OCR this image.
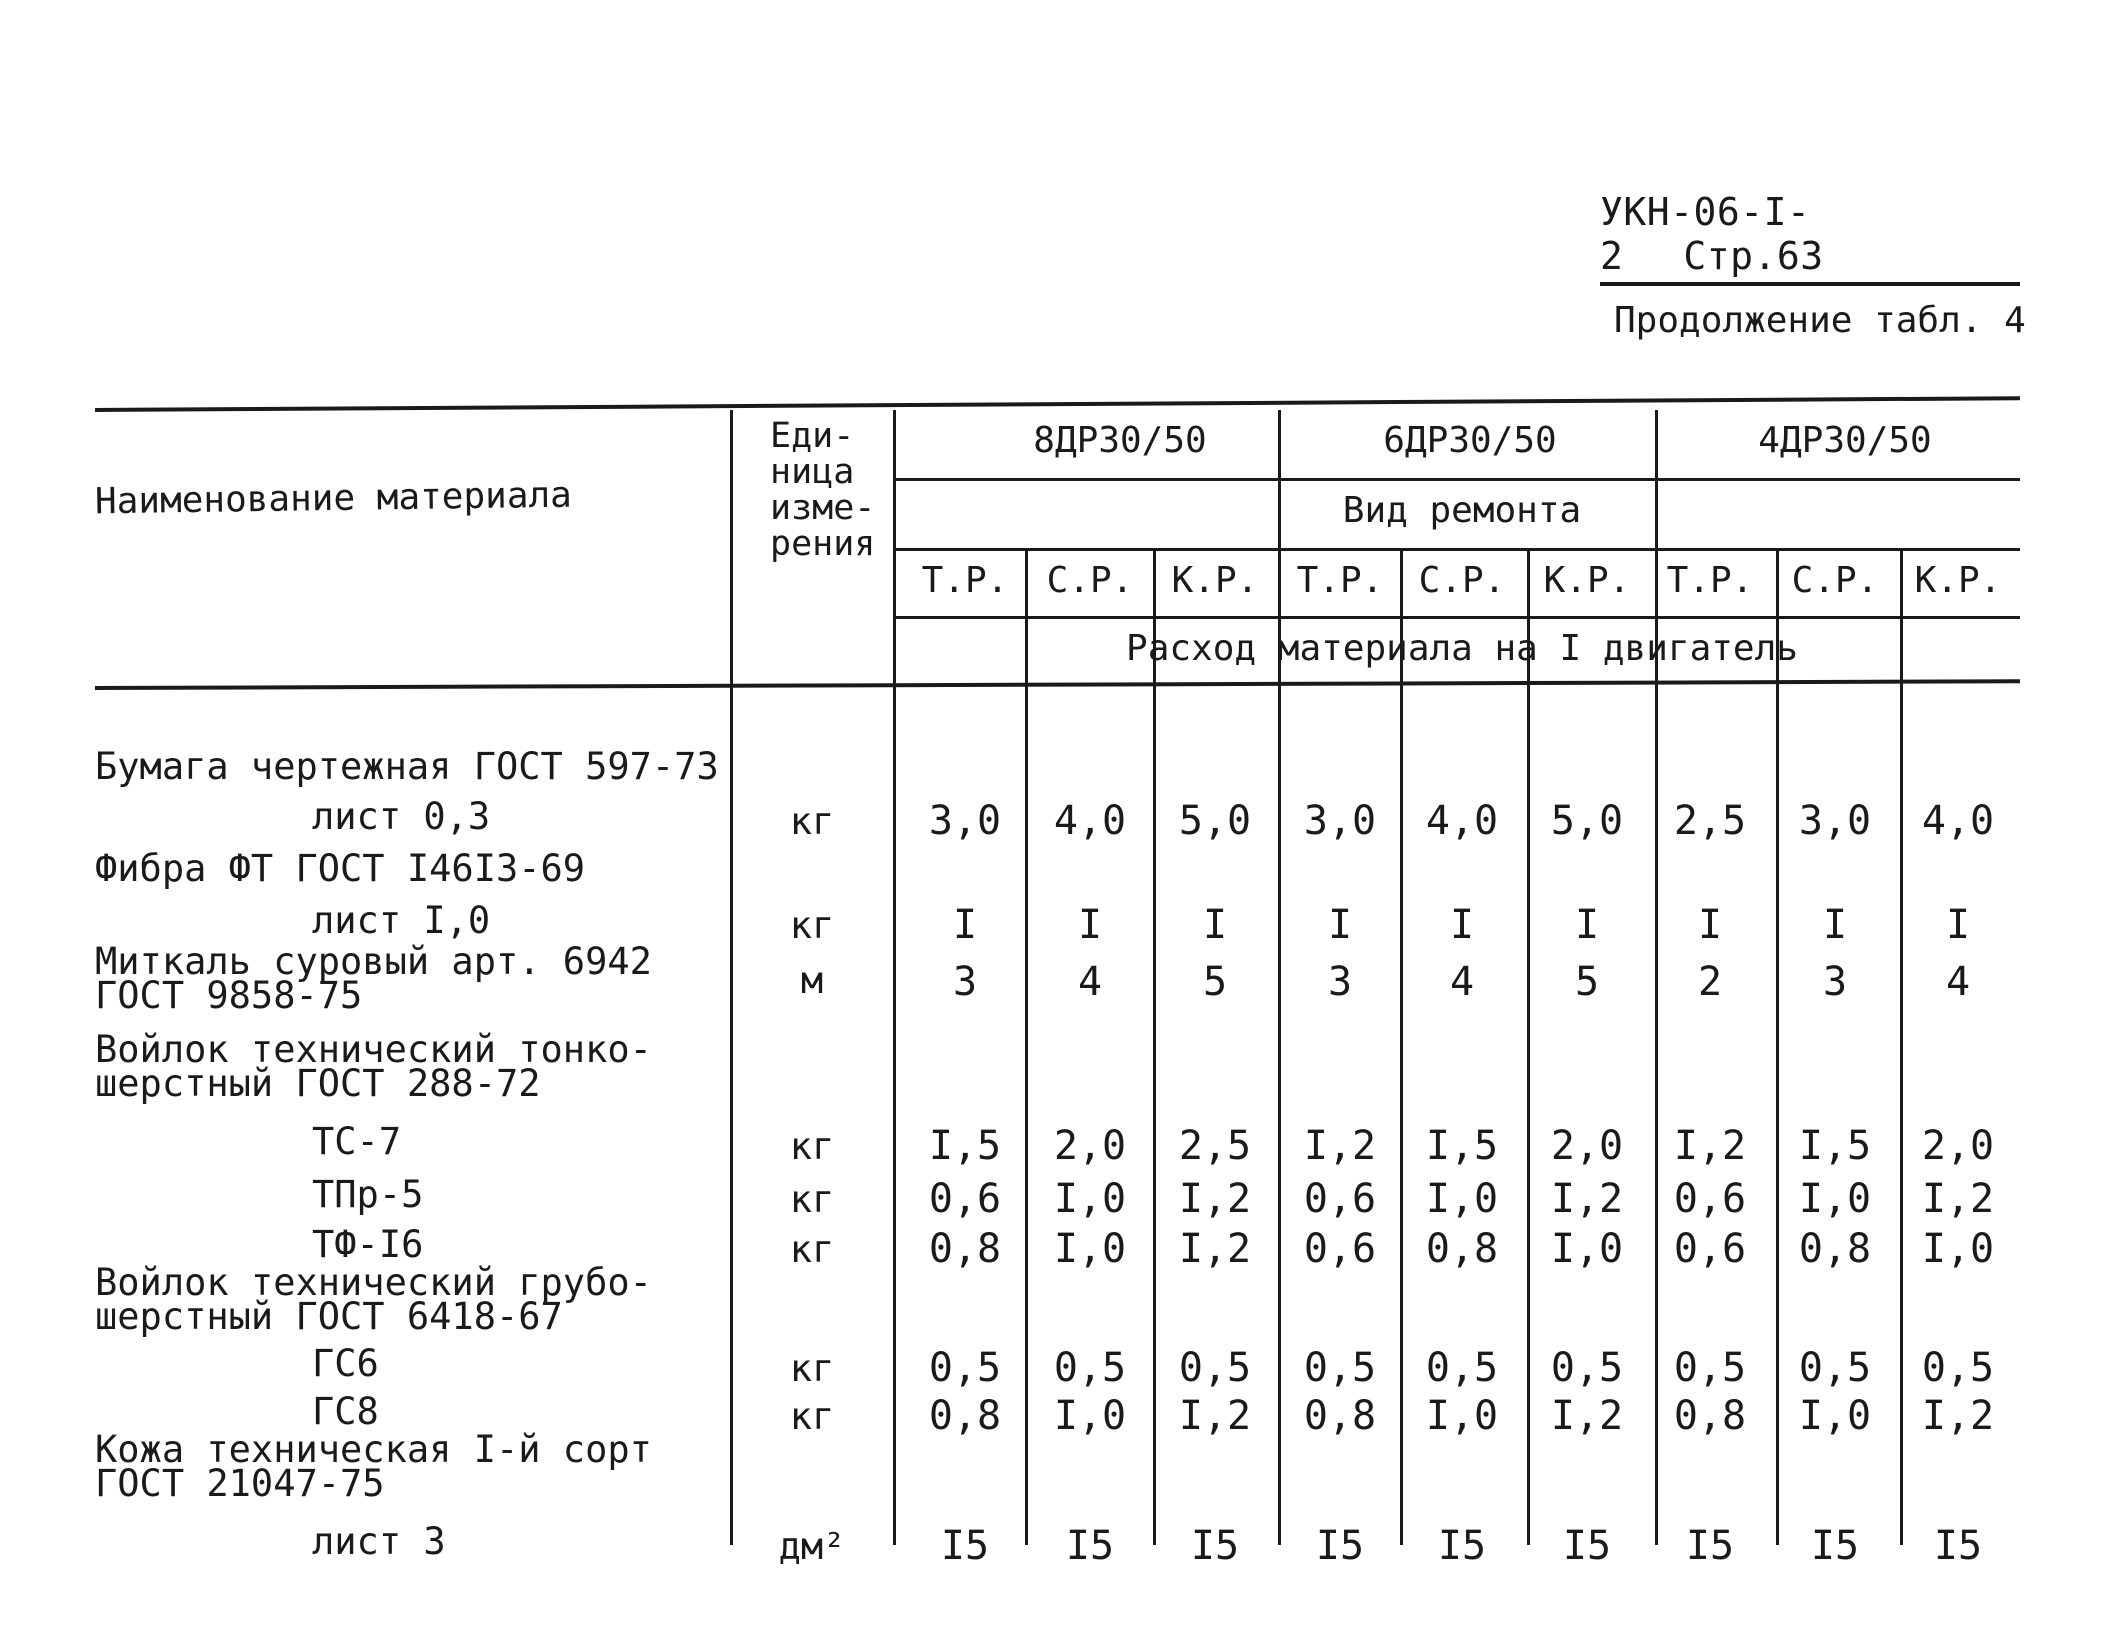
УКН-06-I-2 Стр.63
Продолжение табл. 4
Наименование материала
Еди-
ница
изме-
рения
8ДР30/50	6ДР30/50	4ДР30/50
Вид ремонта
Т.Р. С.Р. К.Р. Т.Р. С.Р. К.Р. Т.Р. С.Р. К.Р.
Расход материала на I двигатель
Бумага чертежная ГОСТ 597-73
лист 0,3	кг 3,0 4,0 5,0 3,0 4,0 5,0 2,5 3,0 4,0
Фибра ФТ ГОСТ I46I3-69
лист I,0	кг	I	I	I	I I	I I	I I
Миткаль суровый арт. 6942
ГОСТ 9858-75	м	3	4	5	3 4	5 2	3 4
Войлок технический тонко-
шерстный ГОСТ 288-72
ТС-7	кг I,5 2,0 2,5 I,2 I,5 2,0 I,2 I,5 2,0
ТПр-5	кг 0,6 I,0 I,2 0,6 I,0 I,2 0,6 I,0 I,2
ТФ-I6	кг 0,8 I,0 I,2 0,6 0,8 I,0 0,6 0,8 I,0
Войлок технический грубо-
шерстный ГОСТ 6418-67
ГС6	кг 0,5 0,5 0,5 0,5 0,5 0,5 0,5 0,5 0,5
ГС8	кг 0,8 I,0 I,2 0,8 I,0 I,2 0,8 I,0 I,2
Кожа техническая I-й сорт
ГОСТ 21047-75
лист 3	дм² I5 I5 I5 I5 I5 I5 I5 I5 I5
